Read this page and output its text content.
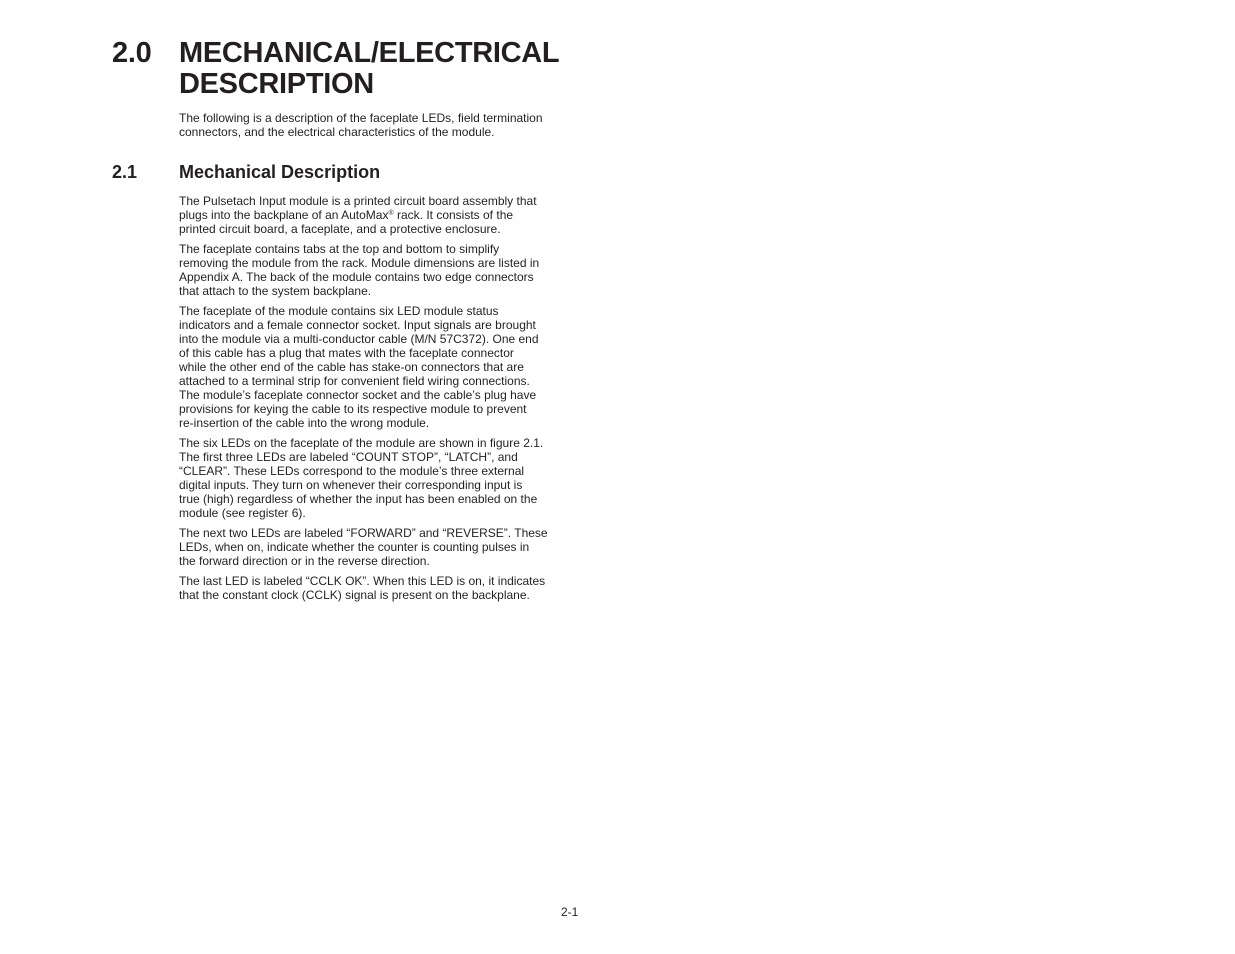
2.0 MECHANICAL/ELECTRICAL
DESCRIPTION
The following is a description of the faceplate LEDs, field termination
connectors, and the electrical characteristics of the module.
2.1 Mechanical Description
The Pulsetach Input module is a printed circuit board assembly that
plugs into the backplane of an AutoMax® rack. It consists of the
printed circuit board, a faceplate, and a protective enclosure.
The faceplate contains tabs at the top and bottom to simplify
removing the module from the rack. Module dimensions are listed in
Appendix A. The back of the module contains two edge connectors
that attach to the system backplane.
The faceplate of the module contains six LED module status
indicators and a female connector socket. Input signals are brought
into the module via a multi-conductor cable (M/N 57C372). One end
of this cable has a plug that mates with the faceplate connector
while the other end of the cable has stake-on connectors that are
attached to a terminal strip for convenient field wiring connections.
The module’s faceplate connector socket and the cable’s plug have
provisions for keying the cable to its respective module to prevent
re-insertion of the cable into the wrong module.
The six LEDs on the faceplate of the module are shown in figure 2.1.
The first three LEDs are labeled “COUNT STOP”, “LATCH”, and
“CLEAR”. These LEDs correspond to the module’s three external
digital inputs. They turn on whenever their corresponding input is
true (high) regardless of whether the input has been enabled on the
module (see register 6).
The next two LEDs are labeled “FORWARD” and “REVERSE”. These
LEDs, when on, indicate whether the counter is counting pulses in
the forward direction or in the reverse direction.
The last LED is labeled “CCLK OK”. When this LED is on, it indicates
that the constant clock (CCLK) signal is present on the backplane.
2-1
